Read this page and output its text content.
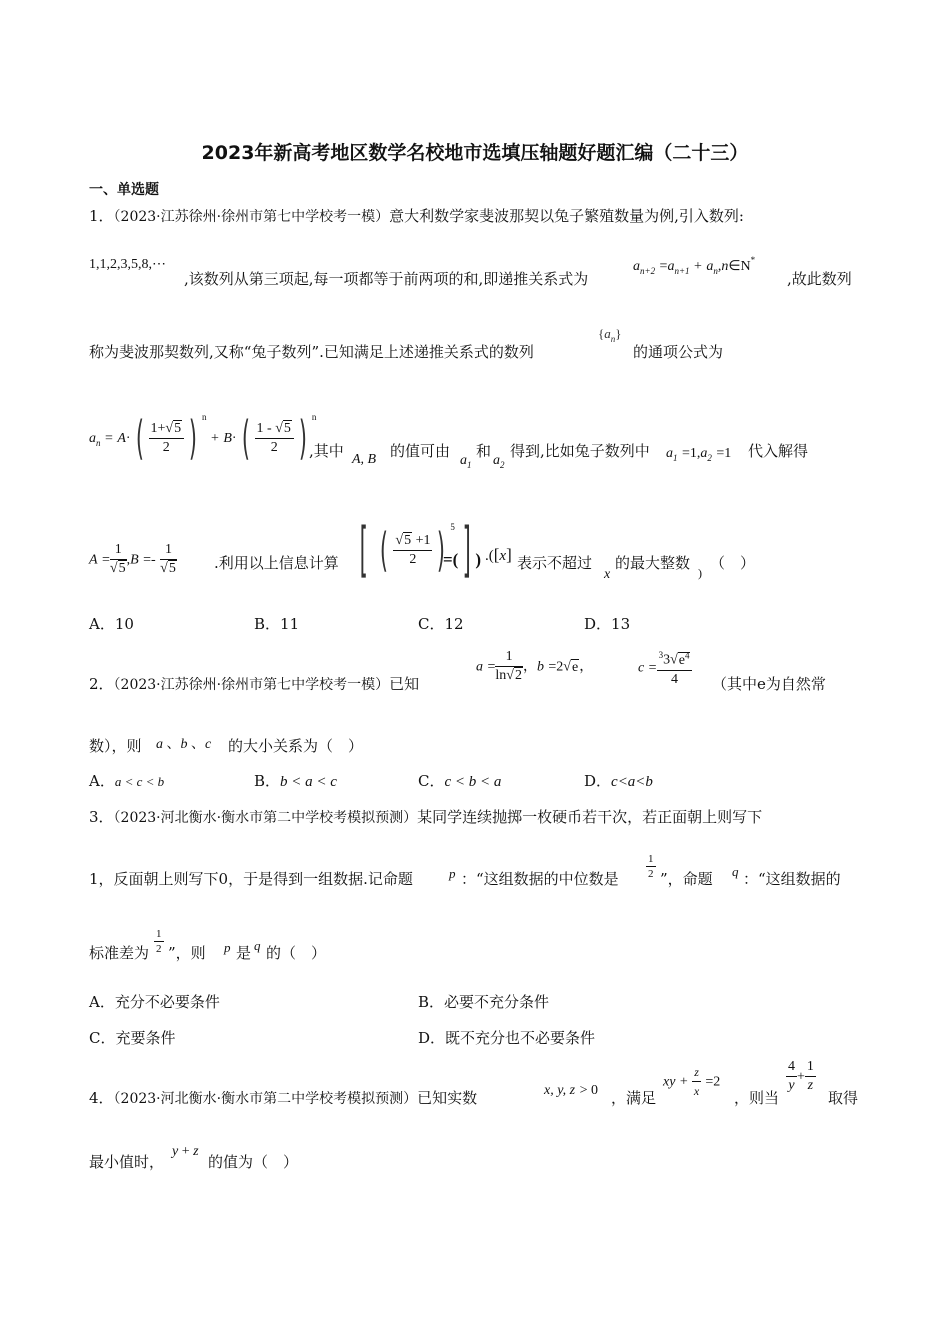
2023年新高考地区数学名校地市选填压轴题好题汇编（二十三）
一、单选题
1．（2023·江苏徐州·徐州市第七中学校考一模）意大利数学家斐波那契以兔子繁殖数量为例,引入数列:
1,1,2,3,5,8,⋯
,该数列从第三项起,每一项都等于前两项的和,即递推关系式为
$a_{n+2} =a_{n+1}$ + $a_n,n\in N^*$
,故此数列
称为斐波那契数列,又称“兔子数列”.已知满足上述递推关系式的数列
$\{a_n\}$
的通项公式为
$a_n = A\cdot$ ( $\frac{1+√5}{2}$ ) $^n$ + B· ( $\frac{1 - √5}{2}$ ) $^n$
,其中 A, B 的值可由
$a_1$
和
$a_2$
得到,比如兔子数列中 $a_1 =1,a_2 =1$ 代入解得
$A = \frac{1}{√5} ,B =- \frac{1}{√5}$ .利用以上信息计算 [ ( $\frac{√5 +1}{2}$ ) $^5$ ]
=(　) .([x] 表示不超过
x
的最大整数
)
（　）
A．10	B．11	C．12	D．13
2．（2023·江苏徐州·徐州市第七中学校考一模）已知
$a = \frac{1}{\ln√2}$ ，b =2√e，	$c = \frac{^33√e^4}{4}$ （其中e为自然常
数），则 a 、b 、c 的大小关系为（　）
A．a < c < b	B．b < a < c	C．c < b < a	D．c<a<b
3．（2023·河北衡水·衡水市第二中学校考模拟预测）某同学连续抛掷一枚硬币若干次，若正面朝上则写下
1，反面朝上则写下0，于是得到一组数据.记命题	p ：“这组数据的中位数是 $\frac{1}{2}$ ”，命题 q ：“这组数据的
标准差为 $\frac{1}{2}$ ”，则 p 是 q 的（　）
A．充分不必要条件	B．必要不充分条件
C．充要条件	D．既不充分也不必要条件
4．（2023·河北衡水·衡水市第二中学校考模拟预测）已知实数	x, y, z > 0 ，满足
xy + $\frac{z}{x} =2$
，则当
$\frac{4}{y} + \frac{1}{z}$
取得
最小值时，
y + z
的值为（　）
